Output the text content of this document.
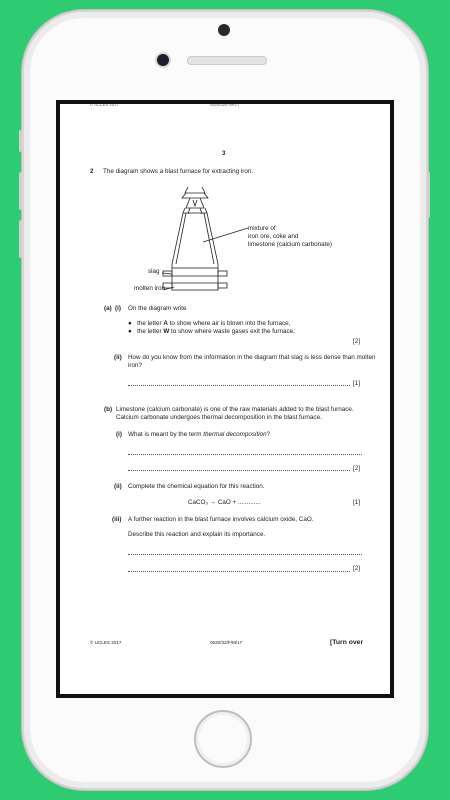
© UCLES 2017	0620/32/F/M/17
3
2 The diagram shows a blast furnace for extracting iron.
mixture of
iron ore, coke and
limestone (calcium carbonate)
slag
molten iron
(a) (i) On the diagram write
● the letter A to show where air is blown into the furnace,
● the letter W to show where waste gases exit the furnace.
[2]
(ii) How do you know from the information in the diagram that slag is less dense than molten
iron?
[1]
(b) Limestone (calcium carbonate) is one of the raw materials added to the blast furnace.
Calcium carbonate undergoes thermal decomposition in the blast furnace.
(i) What is meant by the term thermal decomposition?
[2]
(ii) Complete the chemical equation for this reaction.
CaCO₃ → CaO + .............	[1]
(iii) A further reaction in the blast furnace involves calcium oxide, CaO.
Describe this reaction and explain its importance.
[2]
© UCLES 2017	0620/32/F/M/17	[Turn over
